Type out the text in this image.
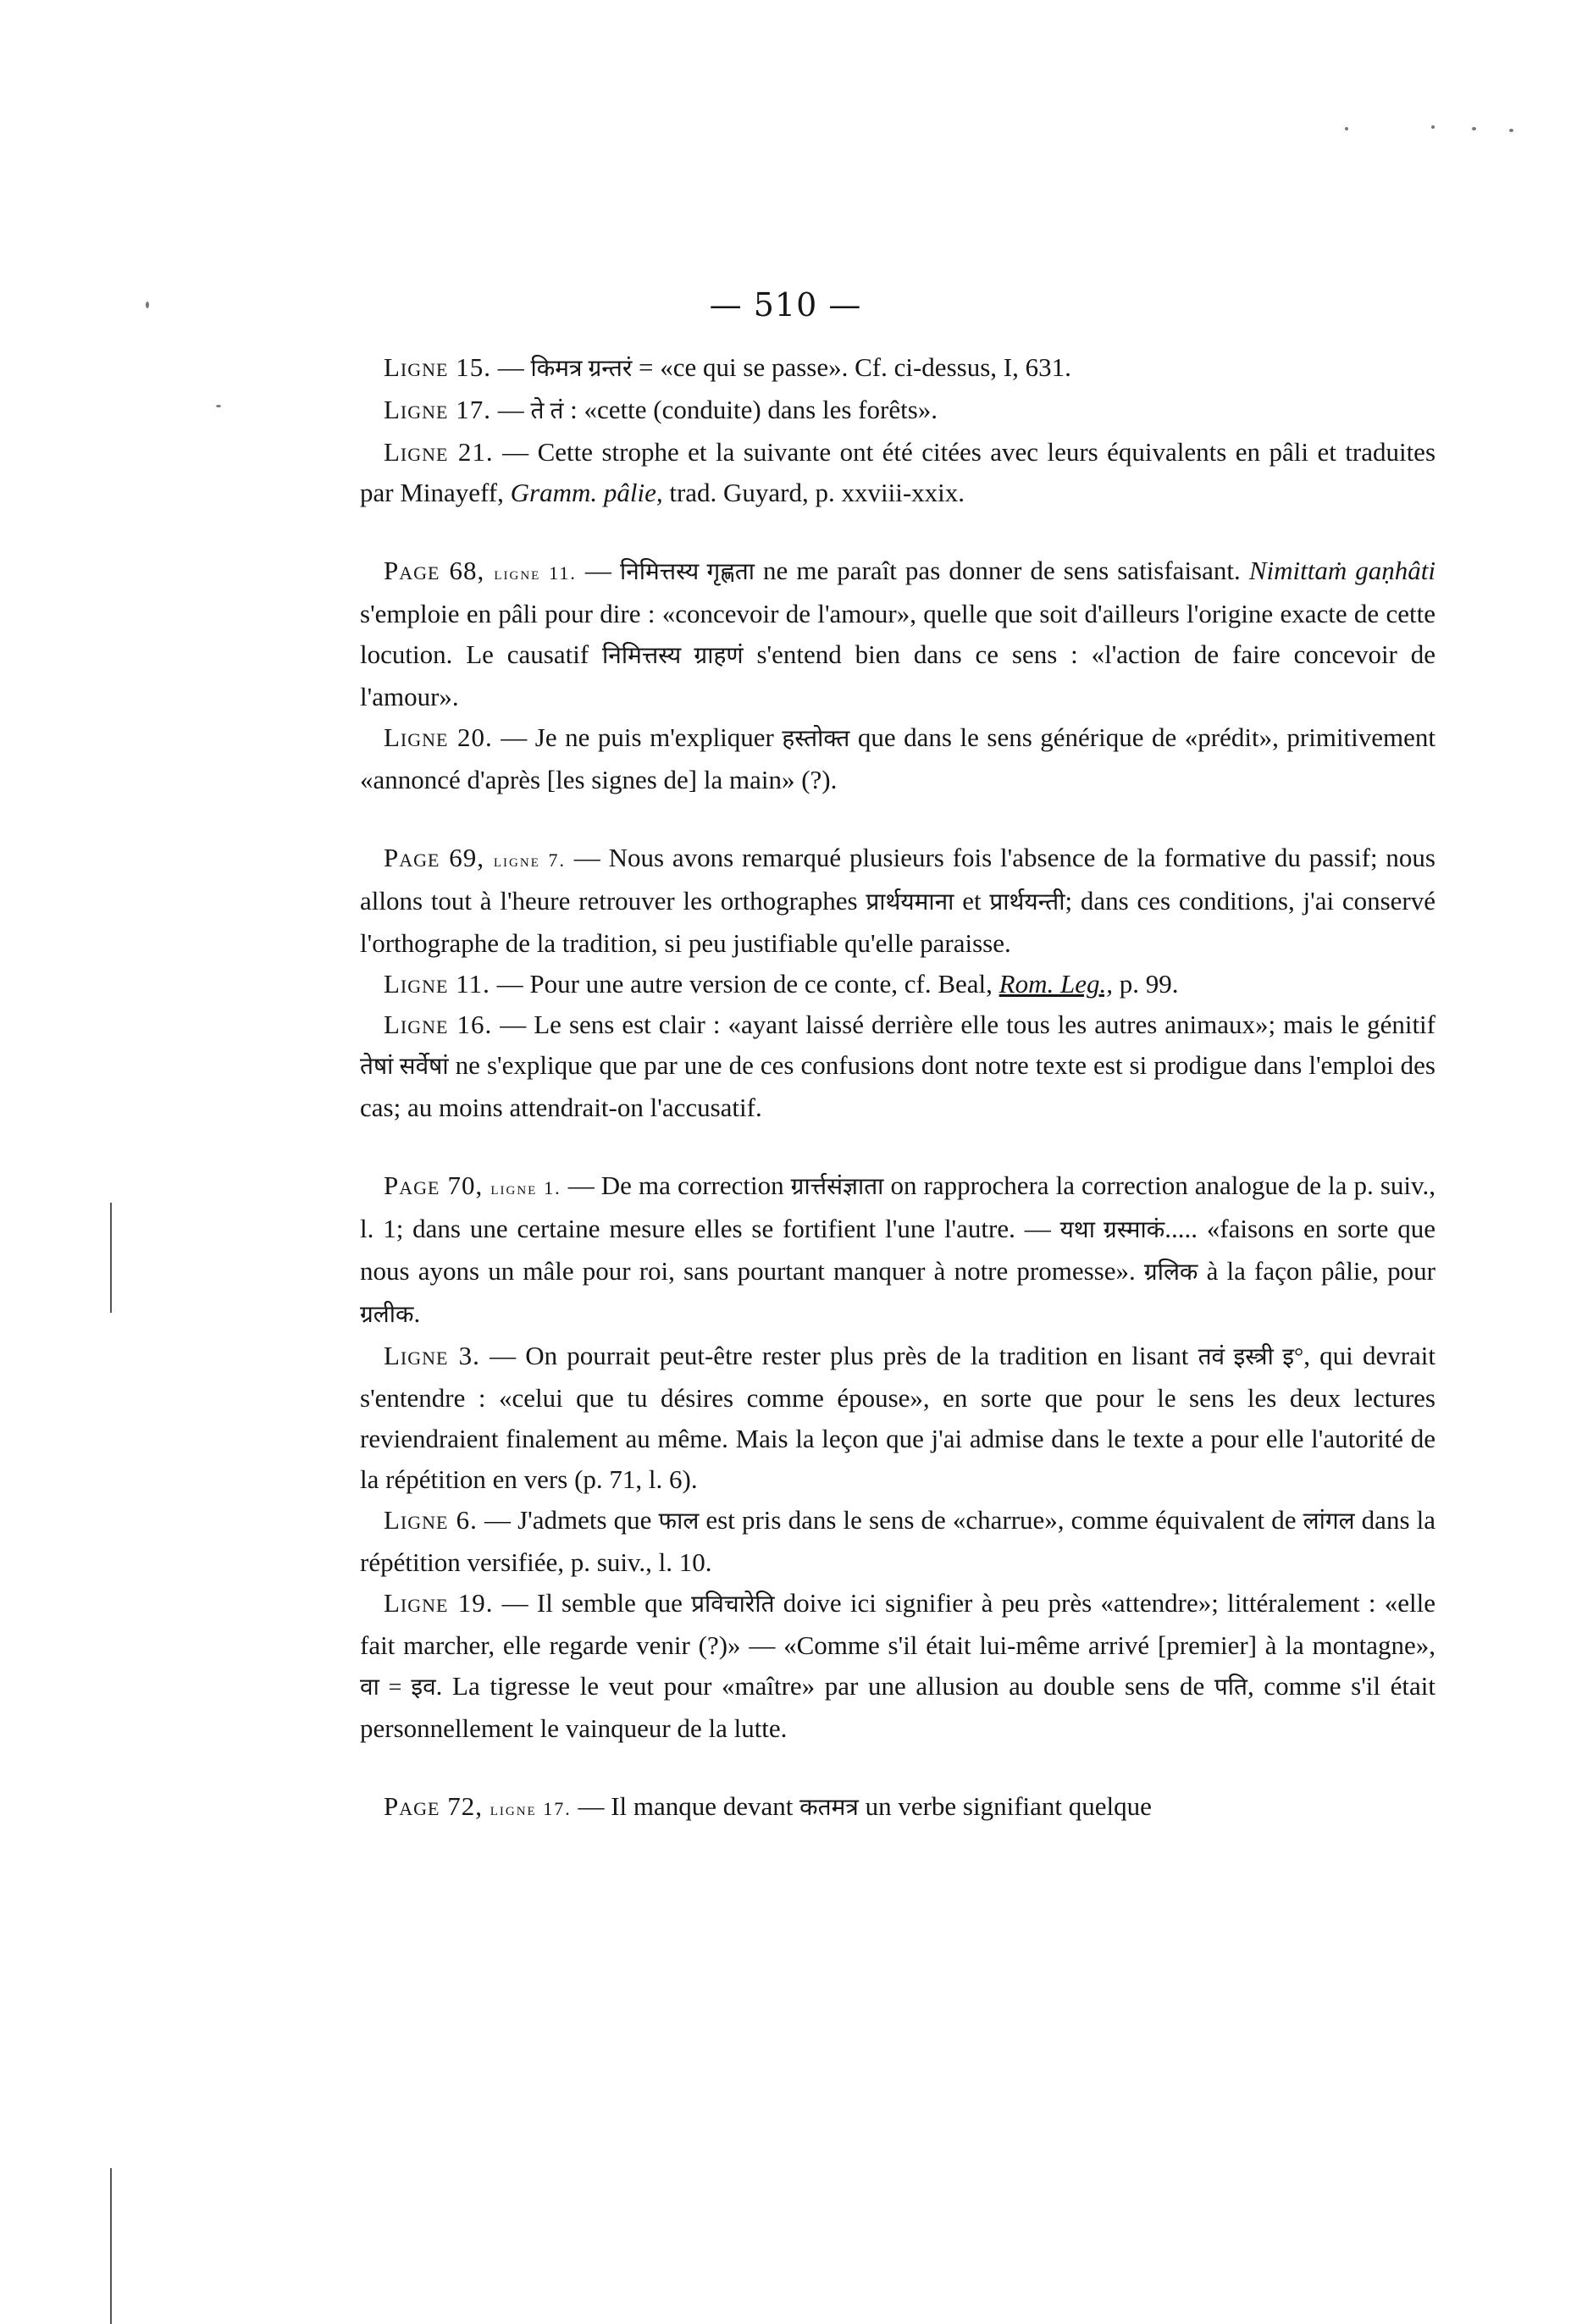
— 510 —

Ligne 15. — किमत्र ग्रन्तरं = «ce qui se passe». Cf. ci-dessus, I, 631.

Ligne 17. — ते तं : «cette (conduite) dans les forêts».

Ligne 21. — Cette strophe et la suivante ont été citées avec leurs équivalents en pâli et traduites par Minayeff, Gramm. pâlie, trad. Guyard, p. xxviii-xxix.

Page 68, ligne 11. — निमित्तस्य गृह्णता ne me paraît pas donner de sens satisfaisant. Nimittaṁ gaṇhâti s'emploie en pâli pour dire : «concevoir de l'amour», quelle que soit d'ailleurs l'origine exacte de cette locution. Le causatif निमित्तस्य ग्राहणं s'entend bien dans ce sens : «l'action de faire concevoir de l'amour».

Ligne 20. — Je ne puis m'expliquer हस्तोक्त que dans le sens générique de «prédit», primitivement «annoncé d'après [les signes de] la main» (?).

Page 69, ligne 7. — Nous avons remarqué plusieurs fois l'absence de la formative du passif; nous allons tout à l'heure retrouver les orthographes प्रार्थयमाना et प्रार्थयन्ती; dans ces conditions, j'ai conservé l'orthographe de la tradition, si peu justifiable qu'elle paraisse.

Ligne 11. — Pour une autre version de ce conte, cf. Beal, Rom. Leg., p. 99.

Ligne 16. — Le sens est clair : «ayant laissé derrière elle tous les autres animaux»; mais le génitif तेषां सर्वेषां ne s'explique que par une de ces confusions dont notre texte est si prodigue dans l'emploi des cas; au moins attendrait-on l'accusatif.

Page 70, ligne 1. — De ma correction ग्रार्त्तसंज्ञाता on rapprochera la correction analogue de la p. suiv., l. 1; dans une certaine mesure elles se fortifient l'une l'autre. — यथा ग्रस्माकं..... «faisons en sorte que nous ayons un mâle pour roi, sans pourtant manquer à notre promesse». ग्रलिक à la façon pâlie, pour ग्रलीक.

Ligne 3. — On pourrait peut-être rester plus près de la tradition en lisant तवं इस्त्री इ°, qui devrait s'entendre : «celui que tu désires comme épouse», en sorte que pour le sens les deux lectures reviendraient finalement au même. Mais la leçon que j'ai admise dans le texte a pour elle l'autorité de la répétition en vers (p. 71, l. 6).

Ligne 6. — J'admets que फाल est pris dans le sens de «charrue», comme équivalent de लांगल dans la répétition versifiée, p. suiv., l. 10.

Ligne 19. — Il semble que प्रविचारेति doive ici signifier à peu près «attendre»; littéralement : «elle fait marcher, elle regarde venir (?)» — «Comme s'il était lui-même arrivé [premier] à la montagne», वा = इव. La tigresse le veut pour «maître» par une allusion au double sens de पति, comme s'il était personnellement le vainqueur de la lutte.

Page 72, ligne 17. — Il manque devant कतमत्र un verbe signifiant quelque
